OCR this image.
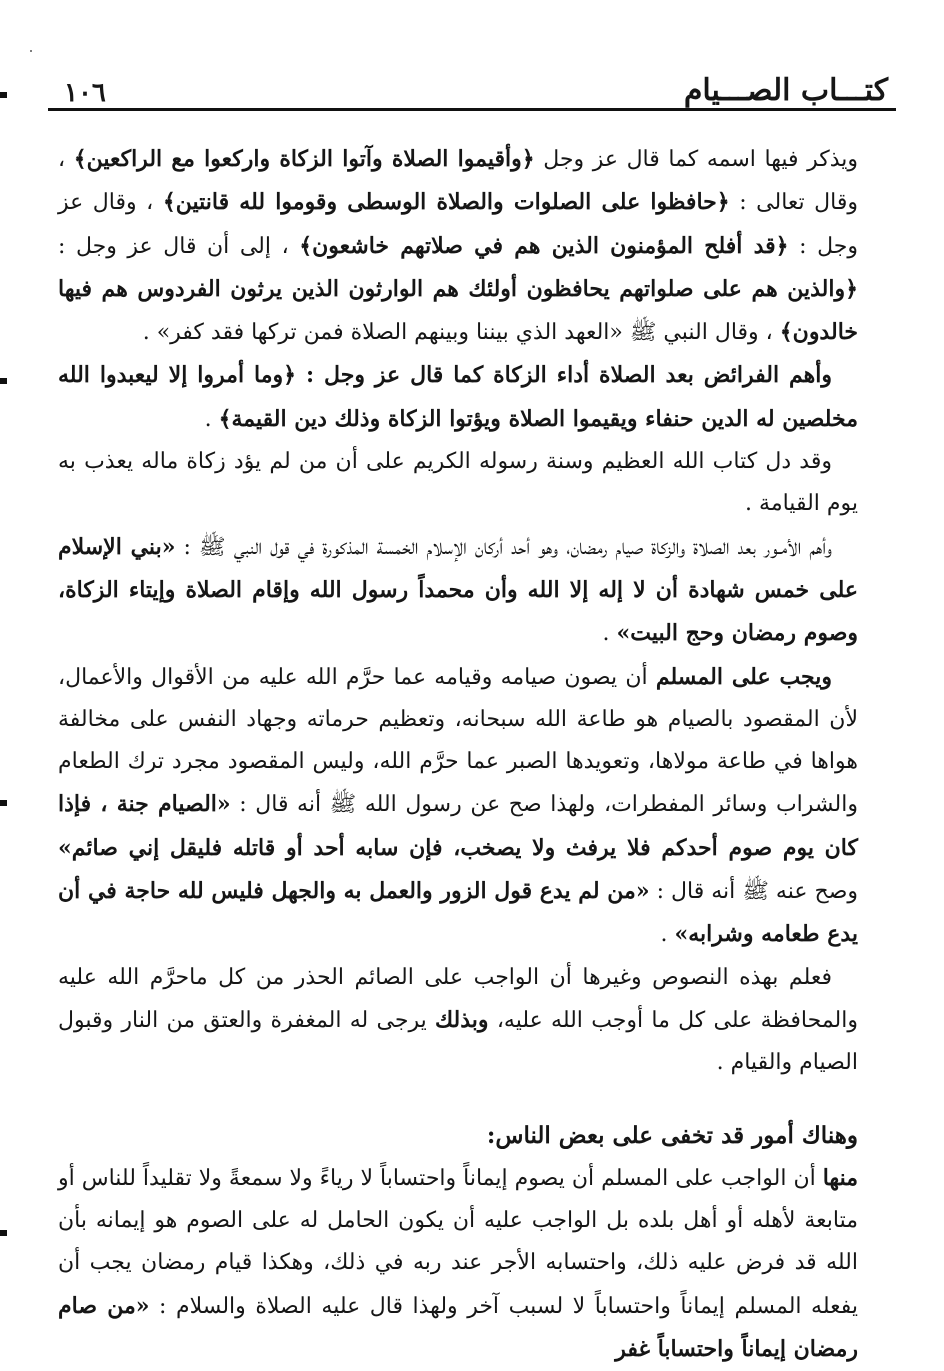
١٠٦	كتـــاب الصـــيام

ويذكر فيها اسمه كما قال عز وجل ﴿وأقيموا الصلاة وآتوا الزكاة واركعوا مع الراكعين﴾ ، وقال تعالى : ﴿حافظوا على الصلوات والصلاة الوسطى وقوموا لله قانتين﴾ ، وقال عز وجل : ﴿قد أفلح المؤمنون الذين هم في صلاتهم خاشعون﴾ ، إلى أن قال عز وجل : ﴿والذين هم على صلواتهم يحافظون أولئك هم الوارثون الذين يرثون الفردوس هم فيها خالدون﴾ ، وقال النبي ﷺ «العهد الذي بيننا وبينهم الصلاة فمن تركها فقد كفر» .

وأهم الفرائض بعد الصلاة أداء الزكاة كما قال عز وجل : ﴿وما أمروا إلا ليعبدوا الله مخلصين له الدين حنفاء ويقيموا الصلاة ويؤتوا الزكاة وذلك دين القيمة﴾ .

وقد دل كتاب الله العظيم وسنة رسوله الكريم على أن من لم يؤد زكاة ماله يعذب به يوم القيامة .

وأهم الأمـور بعد الصلاة والزكاة صيام رمضان، وهو أحد أركان الإسلام الخمسة المذكورة في قول النبي ﷺ : «بني الإسلام على خمس شهادة أن لا إله إلا الله وأن محمداً رسول الله وإقام الصلاة وإيتاء الزكاة، وصوم رمضان وحج البيت» .

ويجب على المسلم أن يصون صيامه وقيامه عما حرَّم الله عليه من الأقوال والأعمال، لأن المقصود بالصيام هو طاعة الله سبحانه، وتعظيم حرماته وجهاد النفس على مخالفة هواها في طاعة مولاها، وتعويدها الصبر عما حرَّم الله، وليس المقصود مجرد ترك الطعام والشراب وسائر المفطرات، ولهذا صح عن رسول الله ﷺ أنه قال : «الصيام جنة ، فإذا كان يوم صوم أحدكم فلا يرفث ولا يصخب، فإن سابه أحد أو قاتله فليقل إني صائم» وصح عنه ﷺ أنه قال : «من لم يدع قول الزور والعمل به والجهل فليس لله حاجة في أن يدع طعامه وشرابه» .

فعلم بهذه النصوص وغيرها أن الواجب على الصائم الحذر من كل ماحرَّم الله عليه والمحافظة على كل ما أوجب الله عليه، وبذلك يرجى له المغفرة والعتق من النار وقبول الصيام والقيام .

وهناك أمور قد تخفى على بعض الناس:

منها أن الواجب على المسلم أن يصوم إيماناً واحتساباً لا رياءً ولا سمعةً ولا تقليداً للناس أو متابعة لأهله أو أهل بلده بل الواجب عليه أن يكون الحامل له على الصوم هو إيمانه بأن الله قد فرض عليه ذلك، واحتسابه الأجر عند ربه في ذلك، وهكذا قيام رمضان يجب أن يفعله المسلم إيماناً واحتساباً لا لسبب آخر ولهذا قال عليه الصلاة والسلام : «من صام رمضان إيماناً واحتساباً غفر
